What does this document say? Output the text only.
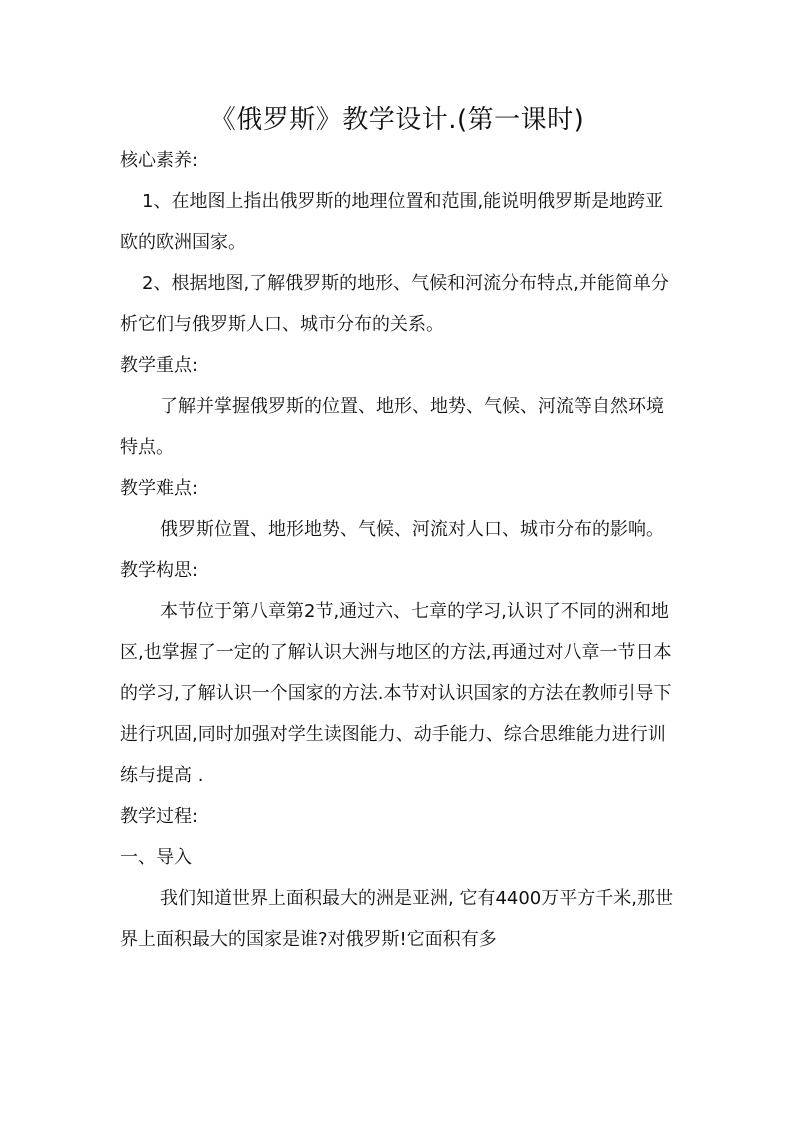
《俄罗斯》教学设计.(第一课时)

核心素养:

1、在地图上指出俄罗斯的地理位置和范围,能说明俄罗斯是地跨亚欧的欧洲国家。

2、根据地图,了解俄罗斯的地形、气候和河流分布特点,并能简单分析它们与俄罗斯人口、城市分布的关系。

教学重点:

了解并掌握俄罗斯的位置、地形、地势、气候、河流等自然环境特点。

教学难点:

俄罗斯位置、地形地势、气候、河流对人口、城市分布的影响。

教学构思:

本节位于第八章第2节,通过六、七章的学习,认识了不同的洲和地区,也掌握了一定的了解认识大洲与地区的方法,再通过对八章一节日本的学习,了解认识一个国家的方法.本节对认识国家的方法在教师引导下进行巩固,同时加强对学生读图能力、动手能力、综合思维能力进行训练与提高 .

教学过程:

一、导入

我们知道世界上面积最大的洲是亚洲, 它有4400万平方千米,那世界上面积最大的国家是谁?对俄罗斯!它面积有多
